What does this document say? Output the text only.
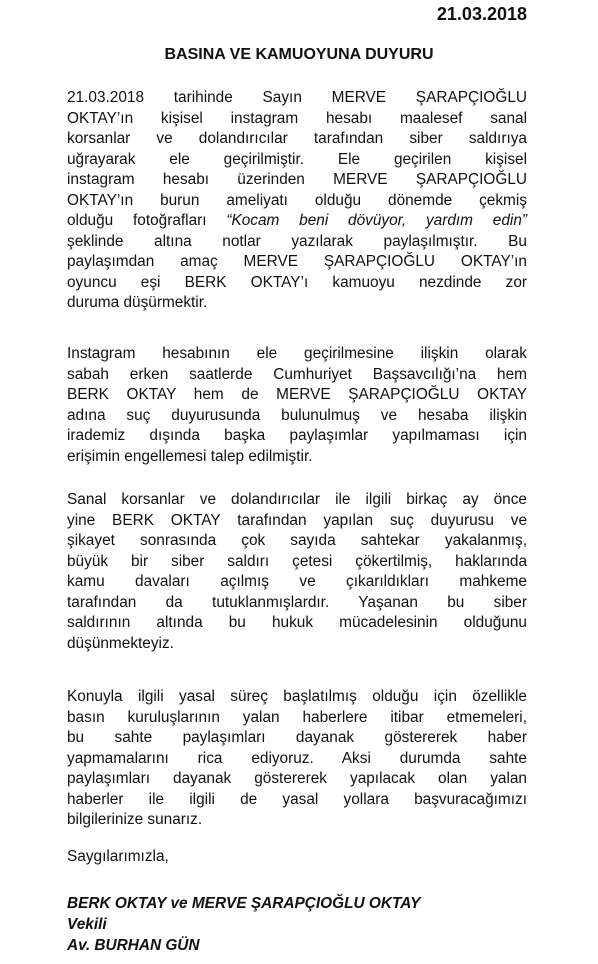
21.03.2018
BASINA VE KAMUOYUNA DUYURU
21.03.2018 tarihinde Sayın MERVE ŞARAPÇIOĞLU
OKTAY’ın kişisel instagram hesabı maalesef sanal
korsanlar ve dolandırıcılar tarafından siber saldırıya
uğrayarak ele geçirilmiştir. Ele geçirilen kişisel
instagram hesabı üzerinden MERVE ŞARAPÇIOĞLU
OKTAY’ın burun ameliyatı olduğu dönemde çekmiş
olduğu fotoğrafları “Kocam beni dövüyor, yardım edin”
şeklinde altına notlar yazılarak paylaşılmıştır. Bu
paylaşımdan amaç MERVE ŞARAPÇIOĞLU OKTAY’ın
oyuncu eşi BERK OKTAY’ı kamuoyu nezdinde zor
duruma düşürmektir.
Instagram hesabının ele geçirilmesine ilişkin olarak
sabah erken saatlerde Cumhuriyet Başsavcılığı’na hem
BERK OKTAY hem de MERVE ŞARAPÇIOĞLU OKTAY
adına suç duyurusunda bulunulmuş ve hesaba ilişkin
irademiz dışında başka paylaşımlar yapılmaması için
erişimin engellemesi talep edilmiştir.
Sanal korsanlar ve dolandırıcılar ile ilgili birkaç ay önce
yine BERK OKTAY tarafından yapılan suç duyurusu ve
şikayet sonrasında çok sayıda sahtekar yakalanmış,
büyük bir siber saldırı çetesi çökertilmiş, haklarında
kamu davaları açılmış ve çıkarıldıkları mahkeme
tarafından da tutuklanmışlardır. Yaşanan bu siber
saldırının altında bu hukuk mücadelesinin olduğunu
düşünmekteyiz.
Konuyla ilgili yasal süreç başlatılmış olduğu için özellikle
basın kuruluşlarının yalan haberlere itibar etmemeleri,
bu sahte paylaşımları dayanak göstererek haber
yapmamalarını rica ediyoruz. Aksi durumda sahte
paylaşımları dayanak göstererek yapılacak olan yalan
haberler ile ilgili de yasal yollara başvuracağımızı
bilgilerinize sunarız.
Saygılarımızla,
BERK OKTAY ve MERVE ŞARAPÇIOĞLU OKTAY
Vekili
Av. BURHAN GÜN
